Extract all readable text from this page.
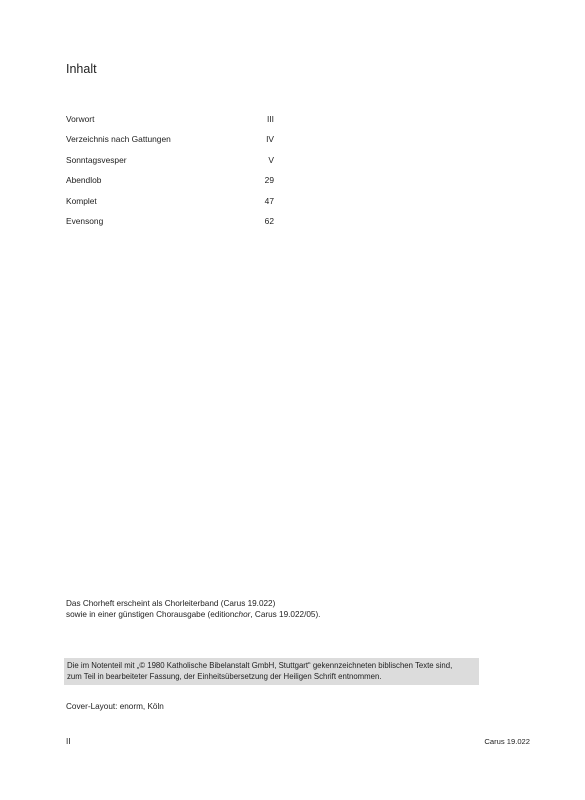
Inhalt
Vorwort	III
Verzeichnis nach Gattungen	IV
Sonntagsvesper	V
Abendlob	29
Komplet	47
Evensong	62
Das Chorheft erscheint als Chorleiterband (Carus 19.022)
sowie in einer günstigen Chorausgabe (editionchor, Carus 19.022/05).
Die im Notenteil mit „© 1980 Katholische Bibelanstalt GmbH, Stuttgart“ gekennzeichneten biblischen Texte sind,
zum Teil in bearbeiteter Fassung, der Einheitsübersetzung der Heiligen Schrift entnommen.
Cover-Layout: enorm, Köln
II	Carus 19.022
